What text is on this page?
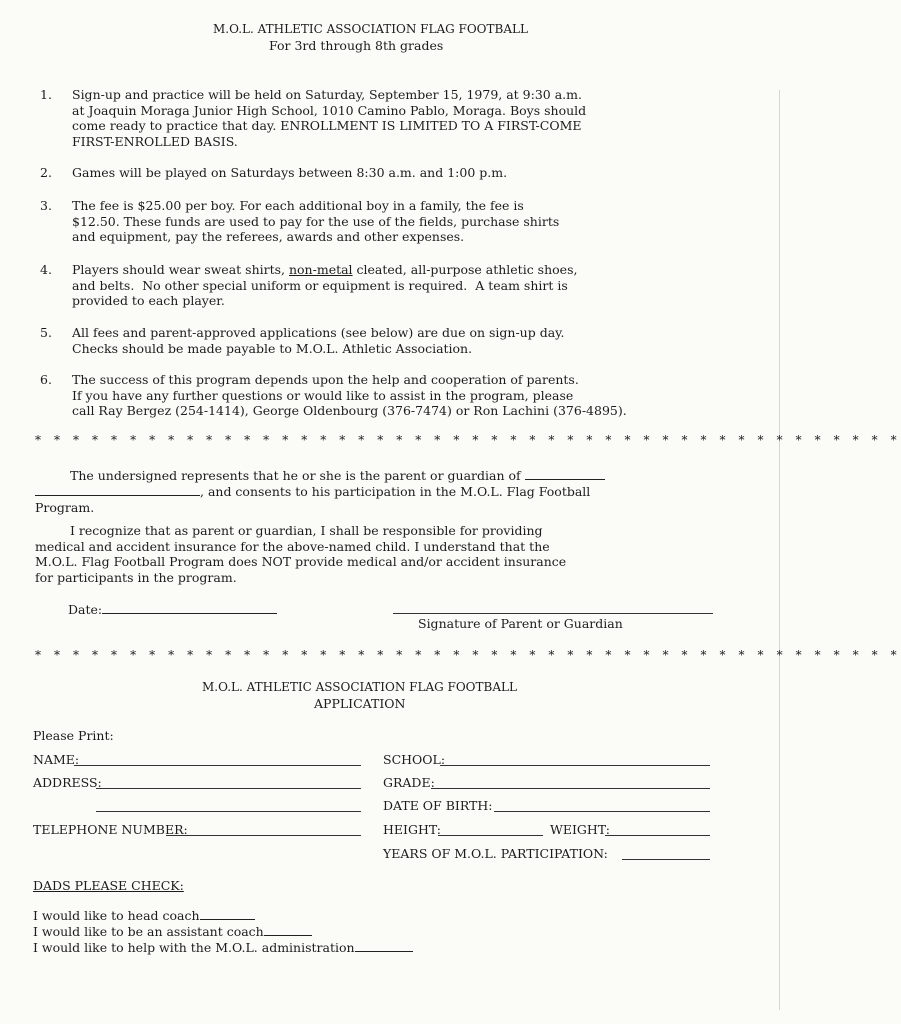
M.O.L. ATHLETIC ASSOCIATION FLAG FOOTBALL
For 3rd through 8th grades
1. Sign-up and practice will be held on Saturday, September 15, 1979, at 9:30 a.m.
at Joaquin Moraga Junior High School, 1010 Camino Pablo, Moraga. Boys should
come ready to practice that day. ENROLLMENT IS LIMITED TO A FIRST-COME
FIRST-ENROLLED BASIS.
2. Games will be played on Saturdays between 8:30 a.m. and 1:00 p.m.
3. The fee is $25.00 per boy. For each additional boy in a family, the fee is
$12.50. These funds are used to pay for the use of the fields, purchase shirts
and equipment, pay the referees, awards and other expenses.
4. Players should wear sweat shirts, non-metal cleated, all-purpose athletic shoes,
and belts.  No other special uniform or equipment is required.  A team shirt is
provided to each player.
5. All fees and parent-approved applications (see below) are due on sign-up day.
Checks should be made payable to M.O.L. Athletic Association.
6. The success of this program depends upon the help and cooperation of parents.
If you have any further questions or would like to assist in the program, please
call Ray Bergez (254-1414), George Oldenbourg (376-7474) or Ron Lachini (376-4895).
* * * * * * * * * * * * * * * * * * * * * * * * * * * * * * * * * * * * * * * * * * * * * *
The undersigned represents that he or she is the parent or guardian of
, and consents to his participation in the M.O.L. Flag Football
Program.
I recognize that as parent or guardian, I shall be responsible for providing
medical and accident insurance for the above-named child. I understand that the
M.O.L. Flag Football Program does NOT provide medical and/or accident insurance
for participants in the program.
Date:
Signature of Parent or Guardian
* * * * * * * * * * * * * * * * * * * * * * * * * * * * * * * * * * * * * * * * * * * * * *
M.O.L. ATHLETIC ASSOCIATION FLAG FOOTBALL
APPLICATION
Please Print:
NAME:
ADDRESS:
TELEPHONE NUMBER:
SCHOOL:
GRADE:
DATE OF BIRTH:
HEIGHT:	WEIGHT:
YEARS OF M.O.L. PARTICIPATION:
DADS PLEASE CHECK:
I would like to head coach
I would like to be an assistant coach
I would like to help with the M.O.L. administration
